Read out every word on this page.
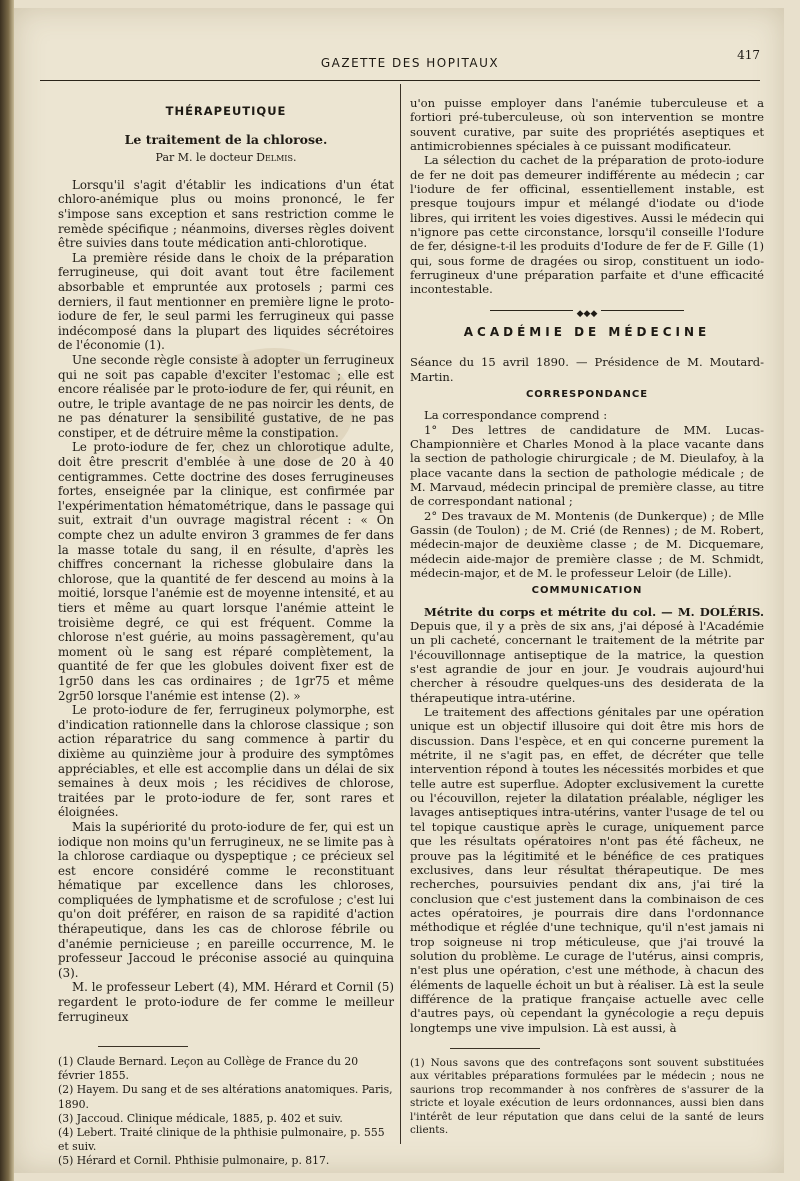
GAZETTE DES HOPITAUX
417
THÉRAPEUTIQUE
Le traitement de la chlorose.
Par M. le docteur Delmis.

Lorsqu'il s'agit d'établir les indications d'un état chloro-anémique plus ou moins prononcé, le fer s'impose sans exception et sans restriction comme le remède spécifique ; néanmoins, diverses règles doivent être suivies dans toute médication anti-chlorotique.

La première réside dans le choix de la préparation ferrugineuse, qui doit avant tout être facilement absorbable et empruntée aux protosels ; parmi ces derniers, il faut mentionner en première ligne le proto-iodure de fer, le seul parmi les ferrugineux qui passe indécomposé dans la plupart des liquides sécrétoires de l'économie (1).

Une seconde règle consiste à adopter un ferrugineux qui ne soit pas capable d'exciter l'estomac ; elle est encore réalisée par le proto-iodure de fer, qui réunit, en outre, le triple avantage de ne pas noircir les dents, de ne pas dénaturer la sensibilité gustative, de ne pas constiper, et de détruire même la constipation.

Le proto-iodure de fer, chez un chlorotique adulte, doit être prescrit d'emblée à une dose de 20 à 40 centigrammes. Cette doctrine des doses ferrugineuses fortes, enseignée par la clinique, est confirmée par l'expérimentation hématométrique, dans le passage qui suit, extrait d'un ouvrage magistral récent : « On compte chez un adulte environ 3 grammes de fer dans la masse totale du sang, il en résulte, d'après les chiffres concernant la richesse globulaire dans la chlorose, que la quantité de fer descend au moins à la moitié, lorsque l'anémie est de moyenne intensité, et au tiers et même au quart lorsque l'anémie atteint le troisième degré, ce qui est fréquent. Comme la chlorose n'est guérie, au moins passagèrement, qu'au moment où le sang est réparé complètement, la quantité de fer que les globules doivent fixer est de 1gr50 dans les cas ordinaires ; de 1gr75 et même 2gr50 lorsque l'anémie est intense (2). »

Le proto-iodure de fer, ferrugineux polymorphe, est d'indication rationnelle dans la chlorose classique ; son action réparatrice du sang commence à partir du dixième au quinzième jour à produire des symptômes appréciables, et elle est accomplie dans un délai de six semaines à deux mois ; les récidives de chlorose, traitées par le proto-iodure de fer, sont rares et éloignées.

Mais la supériorité du proto-iodure de fer, qui est un iodique non moins qu'un ferrugineux, ne se limite pas à la chlorose cardiaque ou dyspeptique ; ce précieux sel est encore considéré comme le reconstituant hématique par excellence dans les chloroses, compliquées de lymphatisme et de scrofulose ; c'est lui qu'on doit préférer, en raison de sa rapidité d'action thérapeutique, dans les cas de chlorose fébrile ou d'anémie pernicieuse ; en pareille occurrence, M. le professeur Jaccoud le préconise associé au quinquina (3).

M. le professeur Lebert (4), MM. Hérard et Cornil (5) regardent le proto-iodure de fer comme le meilleur ferrugineux

(1) Claude Bernard. Leçon au Collège de France du 20 février 1855.

(2) Hayem. Du sang et de ses altérations anatomiques. Paris, 1890.

(3) Jaccoud. Clinique médicale, 1885, p. 402 et suiv.

(4) Lebert. Traité clinique de la phthisie pulmonaire, p. 555 et suiv.

(5) Hérard et Cornil. Phthisie pulmonaire, p. 817.

u'on puisse employer dans l'anémie tuberculeuse et a fortiori pré-tuberculeuse, où son intervention se montre souvent curative, par suite des propriétés aseptiques et antimicrobiennes spéciales à ce puissant modificateur.

La sélection du cachet de la préparation de proto-iodure de fer ne doit pas demeurer indifférente au médecin ; car l'iodure de fer officinal, essentiellement instable, est presque toujours impur et mélangé d'iodate ou d'iode libres, qui irritent les voies digestives. Aussi le médecin qui n'ignore pas cette circonstance, lorsqu'il conseille l'Iodure de fer, désigne-t-il les produits d'Iodure de fer de F. Gille (1) qui, sous forme de dragées ou sirop, constituent un iodo-ferrugineux d'une préparation parfaite et d'une efficacité incontestable.

◆◆◆
ACADÉMIE DE MÉDECINE

Séance du 15 avril 1890. — Présidence de M. Moutard-Martin.

CORRESPONDANCE

La correspondance comprend :

1° Des lettres de candidature de MM. Lucas-Championnière et Charles Monod à la place vacante dans la section de pathologie chirurgicale ; de M. Dieulafoy, à la place vacante dans la section de pathologie médicale ; de M. Marvaud, médecin principal de première classe, au titre de correspondant national ;

2° Des travaux de M. Montenis (de Dunkerque) ; de Mlle Gassin (de Toulon) ; de M. Crié (de Rennes) ; de M. Robert, médecin-major de deuxième classe ; de M. Dicquemare, médecin aide-major de première classe ; de M. Schmidt, médecin-major, et de M. le professeur Leloir (de Lille).

COMMUNICATION

Métrite du corps et métrite du col. — M. DOLÉRIS. Depuis que, il y a près de six ans, j'ai déposé à l'Académie un pli cacheté, concernant le traitement de la métrite par l'écouvillonnage antiseptique de la matrice, la question s'est agrandie de jour en jour. Je voudrais aujourd'hui chercher à résoudre quelques-uns des desiderata de la thérapeutique intra-utérine.

Le traitement des affections génitales par une opération unique est un objectif illusoire qui doit être mis hors de discussion. Dans l'espèce, et en qui concerne purement la métrite, il ne s'agit pas, en effet, de décréter que telle intervention répond à toutes les nécessités morbides et que telle autre est superflue. Adopter exclusivement la curette ou l'écouvillon, rejeter la dilatation préalable, négliger les lavages antiseptiques intra-utérins, vanter l'usage de tel ou tel topique caustique après le curage, uniquement parce que les résultats opératoires n'ont pas été fâcheux, ne prouve pas la légitimité et le bénéfice de ces pratiques exclusives, dans leur résultat thérapeutique. De mes recherches, poursuivies pendant dix ans, j'ai tiré la conclusion que c'est justement dans la combinaison de ces actes opératoires, je pourrais dire dans l'ordonnance méthodique et réglée d'une technique, qu'il n'est jamais ni trop soigneuse ni trop méticuleuse, que j'ai trouvé la solution du problème. Le curage de l'utérus, ainsi compris, n'est plus une opération, c'est une méthode, à chacun des éléments de laquelle échoit un but à réaliser. Là est la seule différence de la pratique française actuelle avec celle d'autres pays, où cependant la gynécologie a reçu depuis longtemps une vive impulsion. Là est aussi, à

(1) Nous savons que des contrefaçons sont souvent substituées aux véritables préparations formulées par le médecin ; nous ne saurions trop recommander à nos confrères de s'assurer de la stricte et loyale exécution de leurs ordonnances, aussi bien dans l'intérêt de leur réputation que dans celui de la santé de leurs clients.
